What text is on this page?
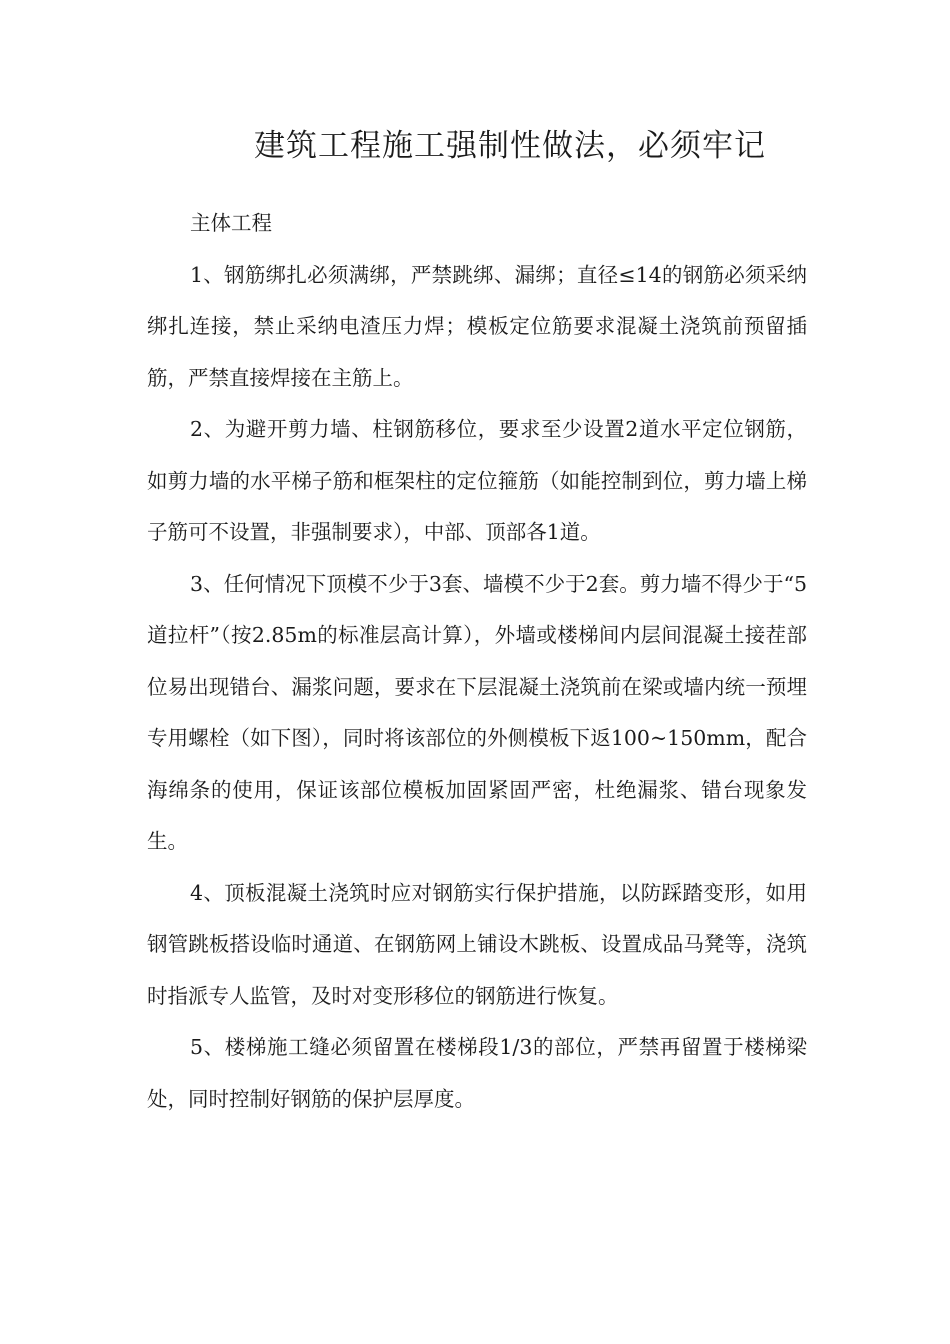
建筑工程施工强制性做法，必须牢记

主体工程

1、钢筋绑扎必须满绑，严禁跳绑、漏绑；直径≤14的钢筋必须采纳绑扎连接，禁止采纳电渣压力焊；模板定位筋要求混凝土浇筑前预留插筋，严禁直接焊接在主筋上。

2、为避开剪力墙、柱钢筋移位，要求至少设置2道水平定位钢筋，如剪力墙的水平梯子筋和框架柱的定位箍筋（如能控制到位，剪力墙上梯子筋可不设置，非强制要求），中部、顶部各1道。

3、任何情况下顶模不少于3套、墙模不少于2套。剪力墙不得少于“5道拉杆”（按2.85m的标准层高计算），外墙或楼梯间内层间混凝土接茬部位易出现错台、漏浆问题，要求在下层混凝土浇筑前在梁或墙内统一预埋专用螺栓（如下图），同时将该部位的外侧模板下返100~150mm，配合海绵条的使用，保证该部位模板加固紧固严密，杜绝漏浆、错台现象发生。

4、顶板混凝土浇筑时应对钢筋实行保护措施，以防踩踏变形，如用钢管跳板搭设临时通道、在钢筋网上铺设木跳板、设置成品马凳等，浇筑时指派专人监管，及时对变形移位的钢筋进行恢复。

5、楼梯施工缝必须留置在楼梯段1/3的部位，严禁再留置于楼梯梁处，同时控制好钢筋的保护层厚度。
